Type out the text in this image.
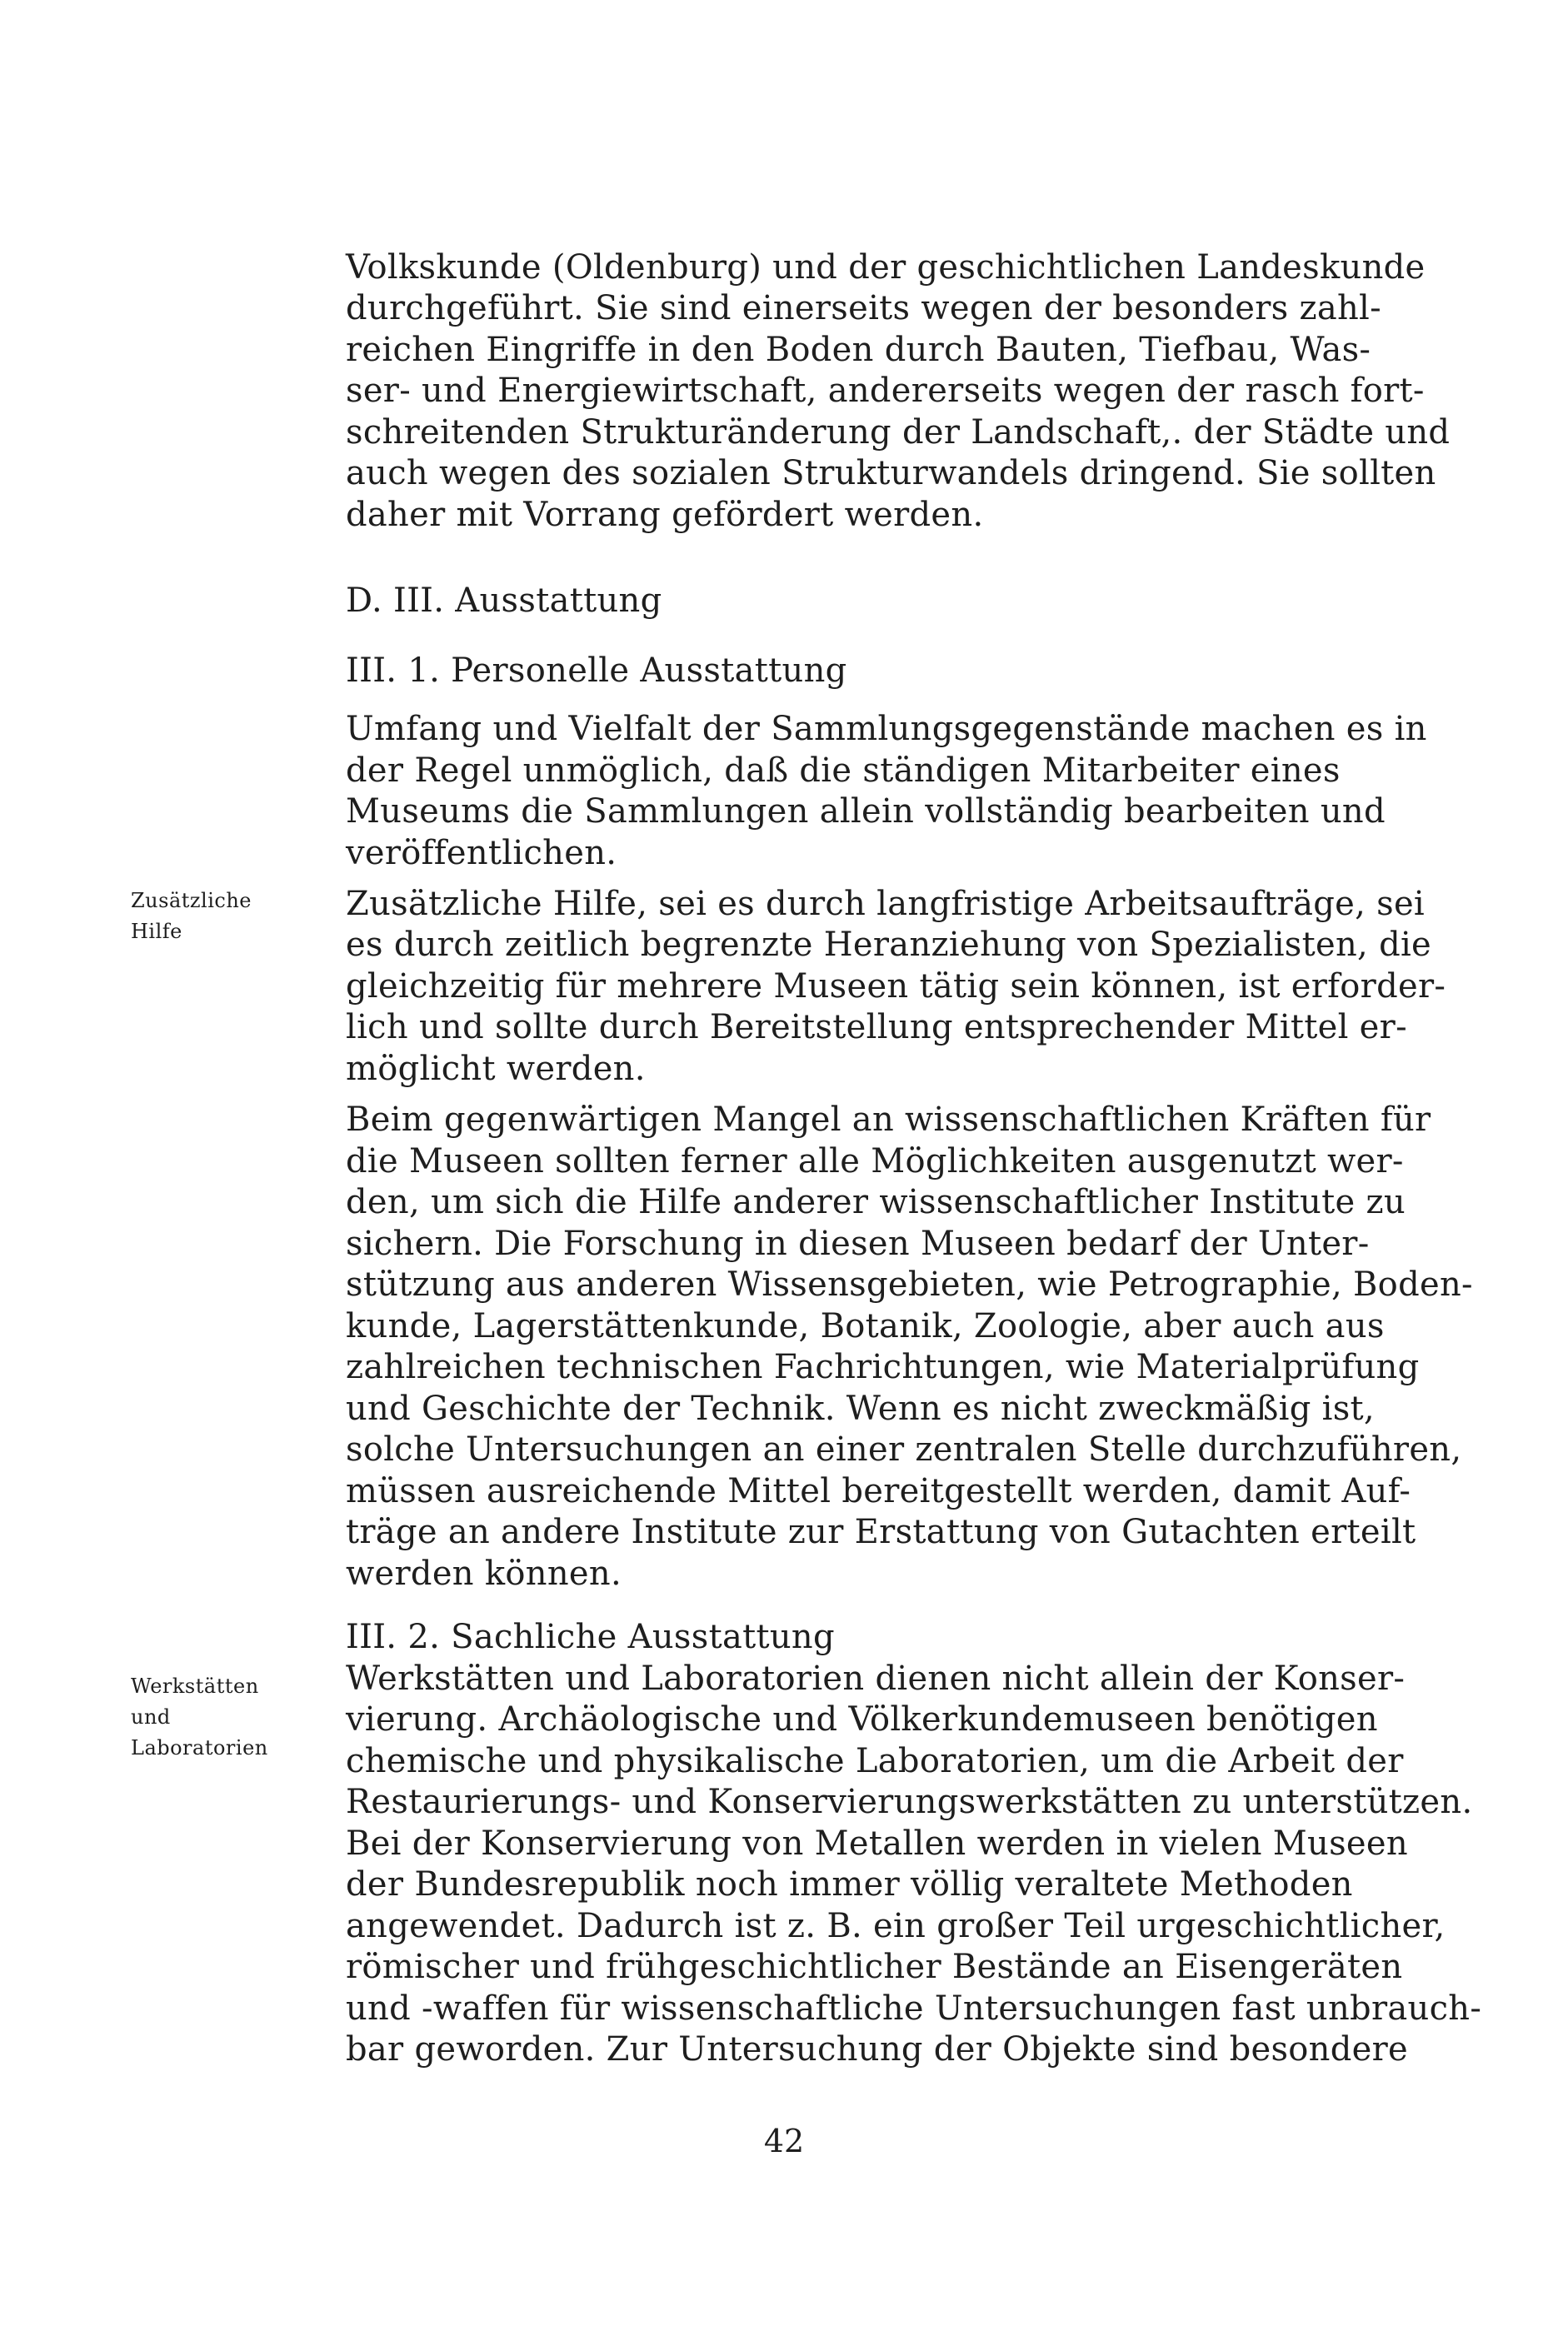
Volkskunde (Oldenburg) und der geschichtlichen Landeskunde
durchgeführt. Sie sind einerseits wegen der besonders zahl-
reichen Eingriffe in den Boden durch Bauten, Tiefbau, Was-
ser- und Energiewirtschaft, andererseits wegen der rasch fort-
schreitenden Strukturänderung der Landschaft,. der Städte und
auch wegen des sozialen Strukturwandels dringend. Sie sollten
daher mit Vorrang gefördert werden.
D. III. Ausstattung
III. 1. Personelle Ausstattung
Umfang und Vielfalt der Sammlungsgegenstände machen es in
der Regel unmöglich, daß die ständigen Mitarbeiter eines
Museums die Sammlungen allein vollständig bearbeiten und
veröffentlichen.
Zusätzliche
Hilfe
Zusätzliche Hilfe, sei es durch langfristige Arbeitsaufträge, sei
es durch zeitlich begrenzte Heranziehung von Spezialisten, die
gleichzeitig für mehrere Museen tätig sein können, ist erforder-
lich und sollte durch Bereitstellung entsprechender Mittel er-
möglicht werden.
Beim gegenwärtigen Mangel an wissenschaftlichen Kräften für
die Museen sollten ferner alle Möglichkeiten ausgenutzt wer-
den, um sich die Hilfe anderer wissenschaftlicher Institute zu
sichern. Die Forschung in diesen Museen bedarf der Unter-
stützung aus anderen Wissensgebieten, wie Petrographie, Boden-
kunde, Lagerstättenkunde, Botanik, Zoologie, aber auch aus
zahlreichen technischen Fachrichtungen, wie Materialprüfung
und Geschichte der Technik. Wenn es nicht zweckmäßig ist,
solche Untersuchungen an einer zentralen Stelle durchzuführen,
müssen ausreichende Mittel bereitgestellt werden, damit Auf-
träge an andere Institute zur Erstattung von Gutachten erteilt
werden können.
III. 2. Sachliche Ausstattung
Werkstätten
und
Laboratorien
Werkstätten und Laboratorien dienen nicht allein der Konser-
vierung. Archäologische und Völkerkundemuseen benötigen
chemische und physikalische Laboratorien, um die Arbeit der
Restaurierungs- und Konservierungswerkstätten zu unterstützen.
Bei der Konservierung von Metallen werden in vielen Museen
der Bundesrepublik noch immer völlig veraltete Methoden
angewendet. Dadurch ist z. B. ein großer Teil urgeschichtlicher,
römischer und frühgeschichtlicher Bestände an Eisengeräten
und -waffen für wissenschaftliche Untersuchungen fast unbrauch-
bar geworden. Zur Untersuchung der Objekte sind besondere
42
